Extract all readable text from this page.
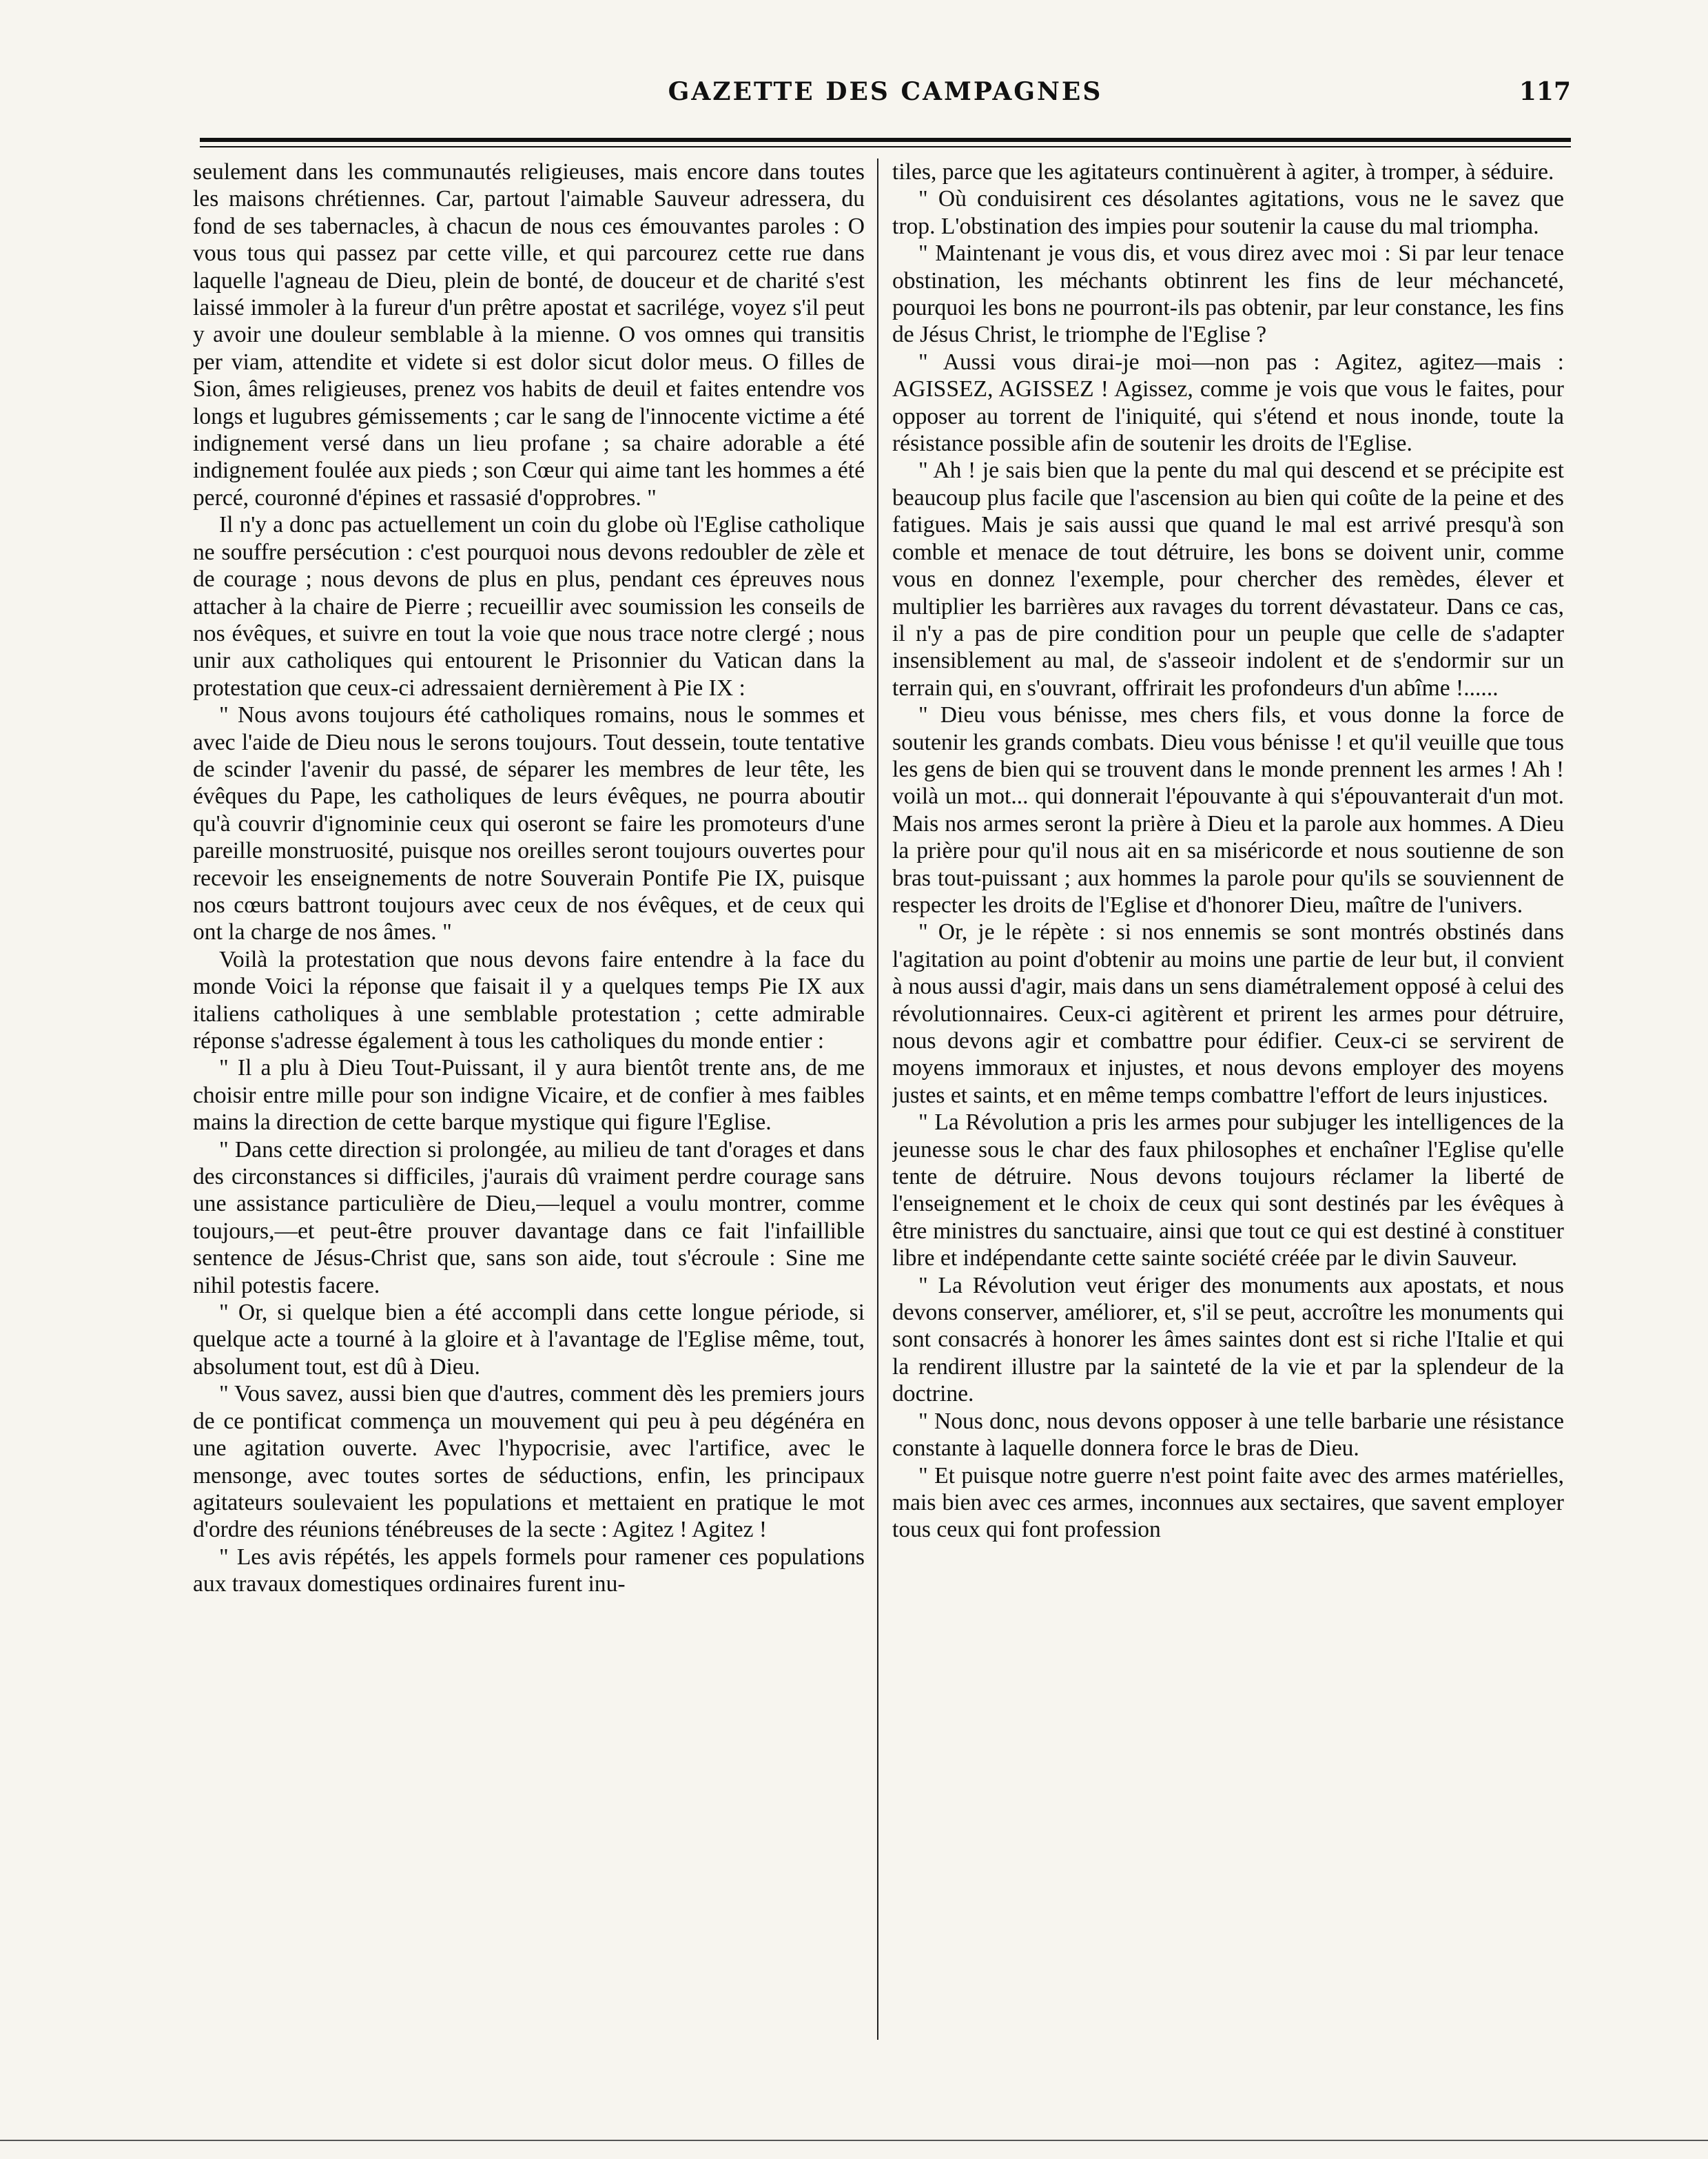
GAZETTE DES CAMPAGNES	117

seulement dans les communautés religieuses, mais encore dans toutes les maisons chrétiennes. Car, partout l'aimable Sauveur adressera, du fond de ses tabernacles, à chacun de nous ces émouvantes paroles : O vous tous qui passez par cette ville, et qui parcourez cette rue dans laquelle l'agneau de Dieu, plein de bonté, de douceur et de charité s'est laissé immoler à la fureur d'un prêtre apostat et sacrilége, voyez s'il peut y avoir une douleur semblable à la mienne. O vos omnes qui transitis per viam, attendite et videte si est dolor sicut dolor meus. O filles de Sion, âmes religieuses, prenez vos habits de deuil et faites entendre vos longs et lugubres gémissements ; car le sang de l'innocente victime a été indignement versé dans un lieu profane ; sa chaire adorable a été indignement foulée aux pieds ; son Cœur qui aime tant les hommes a été percé, couronné d'épines et rassasié d'opprobres. "

Il n'y a donc pas actuellement un coin du globe où l'Eglise catholique ne souffre persécution : c'est pourquoi nous devons redoubler de zèle et de courage ; nous devons de plus en plus, pendant ces épreuves nous attacher à la chaire de Pierre ; recueillir avec soumission les conseils de nos évêques, et suivre en tout la voie que nous trace notre clergé ; nous unir aux catholiques qui entourent le Prisonnier du Vatican dans la protestation que ceux-ci adressaient dernièrement à Pie IX :

" Nous avons toujours été catholiques romains, nous le sommes et avec l'aide de Dieu nous le serons toujours. Tout dessein, toute tentative de scinder l'avenir du passé, de séparer les membres de leur tête, les évêques du Pape, les catholiques de leurs évêques, ne pourra aboutir qu'à couvrir d'ignominie ceux qui oseront se faire les promoteurs d'une pareille monstruosité, puisque nos oreilles seront toujours ouvertes pour recevoir les enseignements de notre Souverain Pontife Pie IX, puisque nos cœurs battront toujours avec ceux de nos évêques, et de ceux qui ont la charge de nos âmes. "

Voilà la protestation que nous devons faire entendre à la face du monde Voici la réponse que faisait il y a quelques temps Pie IX aux italiens catholiques à une semblable protestation ; cette admirable réponse s'adresse également à tous les catholiques du monde entier :

" Il a plu à Dieu Tout-Puissant, il y aura bientôt trente ans, de me choisir entre mille pour son indigne Vicaire, et de confier à mes faibles mains la direction de cette barque mystique qui figure l'Eglise.

" Dans cette direction si prolongée, au milieu de tant d'orages et dans des circonstances si difficiles, j'aurais dû vraiment perdre courage sans une assistance particulière de Dieu,—lequel a voulu montrer, comme toujours,—et peut-être prouver davantage dans ce fait l'infaillible sentence de Jésus-Christ que, sans son aide, tout s'écroule : Sine me nihil potestis facere.

" Or, si quelque bien a été accompli dans cette longue période, si quelque acte a tourné à la gloire et à l'avantage de l'Eglise même, tout, absolument tout, est dû à Dieu.

" Vous savez, aussi bien que d'autres, comment dès les premiers jours de ce pontificat commença un mouvement qui peu à peu dégénéra en une agitation ouverte. Avec l'hypocrisie, avec l'artifice, avec le mensonge, avec toutes sortes de séductions, enfin, les principaux agitateurs soulevaient les populations et mettaient en pratique le mot d'ordre des réunions ténébreuses de la secte : Agitez ! Agitez !

" Les avis répétés, les appels formels pour ramener ces populations aux travaux domestiques ordinaires furent inu-

tiles, parce que les agitateurs continuèrent à agiter, à tromper, à séduire.

" Où conduisirent ces désolantes agitations, vous ne le savez que trop. L'obstination des impies pour soutenir la cause du mal triompha.

" Maintenant je vous dis, et vous direz avec moi : Si par leur tenace obstination, les méchants obtinrent les fins de leur méchanceté, pourquoi les bons ne pourront-ils pas obtenir, par leur constance, les fins de Jésus Christ, le triomphe de l'Eglise ?

" Aussi vous dirai-je moi—non pas : Agitez, agitez—mais : AGISSEZ, AGISSEZ ! Agissez, comme je vois que vous le faites, pour opposer au torrent de l'iniquité, qui s'étend et nous inonde, toute la résistance possible afin de soutenir les droits de l'Eglise.

" Ah ! je sais bien que la pente du mal qui descend et se précipite est beaucoup plus facile que l'ascension au bien qui coûte de la peine et des fatigues. Mais je sais aussi que quand le mal est arrivé presqu'à son comble et menace de tout détruire, les bons se doivent unir, comme vous en donnez l'exemple, pour chercher des remèdes, élever et multiplier les barrières aux ravages du torrent dévastateur. Dans ce cas, il n'y a pas de pire condition pour un peuple que celle de s'adapter insensiblement au mal, de s'asseoir indolent et de s'endormir sur un terrain qui, en s'ouvrant, offrirait les profondeurs d'un abîme !......

" Dieu vous bénisse, mes chers fils, et vous donne la force de soutenir les grands combats. Dieu vous bénisse ! et qu'il veuille que tous les gens de bien qui se trouvent dans le monde prennent les armes ! Ah ! voilà un mot... qui donnerait l'épouvante à qui s'épouvanterait d'un mot. Mais nos armes seront la prière à Dieu et la parole aux hommes. A Dieu la prière pour qu'il nous ait en sa miséricorde et nous soutienne de son bras tout-puissant ; aux hommes la parole pour qu'ils se souviennent de respecter les droits de l'Eglise et d'honorer Dieu, maître de l'univers.

" Or, je le répète : si nos ennemis se sont montrés obstinés dans l'agitation au point d'obtenir au moins une partie de leur but, il convient à nous aussi d'agir, mais dans un sens diamétralement opposé à celui des révolutionnaires. Ceux-ci agitèrent et prirent les armes pour détruire, nous devons agir et combattre pour édifier. Ceux-ci se servirent de moyens immoraux et injustes, et nous devons employer des moyens justes et saints, et en même temps combattre l'effort de leurs injustices.

" La Révolution a pris les armes pour subjuger les intelligences de la jeunesse sous le char des faux philosophes et enchaîner l'Eglise qu'elle tente de détruire. Nous devons toujours réclamer la liberté de l'enseignement et le choix de ceux qui sont destinés par les évêques à être ministres du sanctuaire, ainsi que tout ce qui est destiné à constituer libre et indépendante cette sainte société créée par le divin Sauveur.

" La Révolution veut ériger des monuments aux apostats, et nous devons conserver, améliorer, et, s'il se peut, accroître les monuments qui sont consacrés à honorer les âmes saintes dont est si riche l'Italie et qui la rendirent illustre par la sainteté de la vie et par la splendeur de la doctrine.

" Nous donc, nous devons opposer à une telle barbarie une résistance constante à laquelle donnera force le bras de Dieu.

" Et puisque notre guerre n'est point faite avec des armes matérielles, mais bien avec ces armes, inconnues aux sectaires, que savent employer tous ceux qui font profession
